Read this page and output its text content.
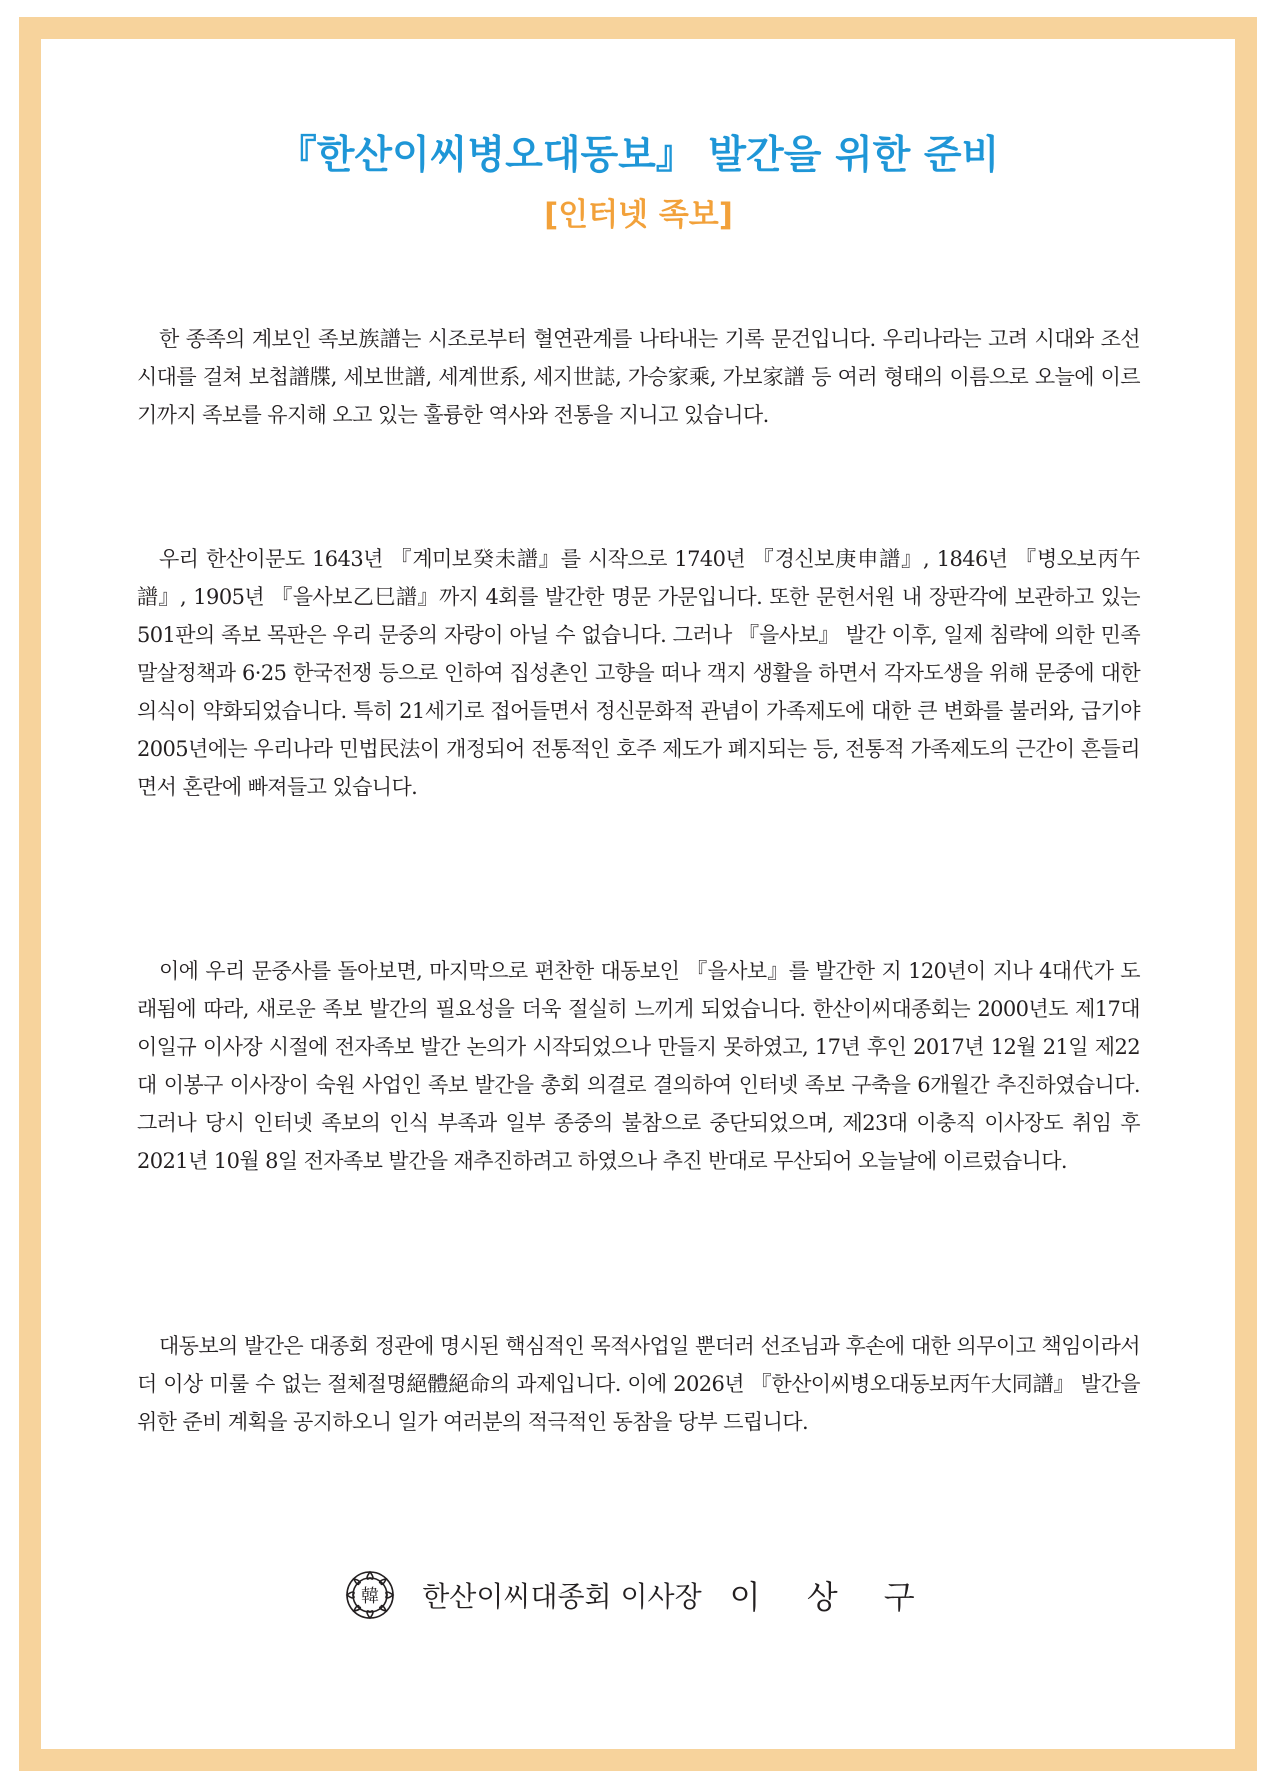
『한산이씨병오대동보』 발간을 위한 준비
[인터넷 족보]

한 종족의 계보인 족보族譜는 시조로부터 혈연관계를 나타내는 기록 문건입니다. 우리나라는 고려 시대와 조선 시대를 걸쳐 보첩譜牒, 세보世譜, 세계世系, 세지世誌, 가승家乘, 가보家譜 등 여러 형태의 이름으로 오늘에 이르기까지 족보를 유지해 오고 있는 훌륭한 역사와 전통을 지니고 있습니다.

우리 한산이문도 1643년 『계미보癸未譜』를 시작으로 1740년 『경신보庚申譜』, 1846년 『병오보丙午譜』, 1905년 『을사보乙巳譜』까지 4회를 발간한 명문 가문입니다. 또한 문헌서원 내 장판각에 보관하고 있는 501판의 족보 목판은 우리 문중의 자랑이 아닐 수 없습니다. 그러나 『을사보』 발간 이후, 일제 침략에 의한 민족말살정책과 6·25 한국전쟁 등으로 인하여 집성촌인 고향을 떠나 객지 생활을 하면서 각자도생을 위해 문중에 대한 의식이 약화되었습니다. 특히 21세기로 접어들면서 정신문화적 관념이 가족제도에 대한 큰 변화를 불러와, 급기야 2005년에는 우리나라 민법民法이 개정되어 전통적인 호주 제도가 폐지되는 등, 전통적 가족제도의 근간이 흔들리면서 혼란에 빠져들고 있습니다.

이에 우리 문중사를 돌아보면, 마지막으로 편찬한 대동보인 『을사보』를 발간한 지 120년이 지나 4대代가 도래됨에 따라, 새로운 족보 발간의 필요성을 더욱 절실히 느끼게 되었습니다. 한산이씨대종회는 2000년도 제17대 이일규 이사장 시절에 전자족보 발간 논의가 시작되었으나 만들지 못하였고, 17년 후인 2017년 12월 21일 제22대 이봉구 이사장이 숙원 사업인 족보 발간을 총회 의결로 결의하여 인터넷 족보 구축을 6개월간 추진하였습니다. 그러나 당시 인터넷 족보의 인식 부족과 일부 종중의 불참으로 중단되었으며, 제23대 이충직 이사장도 취임 후 2021년 10월 8일 전자족보 발간을 재추진하려고 하였으나 추진 반대로 무산되어 오늘날에 이르렀습니다.

대동보의 발간은 대종회 정관에 명시된 핵심적인 목적사업일 뿐더러 선조님과 후손에 대한 의무이고 책임이라서 더 이상 미룰 수 없는 절체절명絕體絕命의 과제입니다. 이에 2026년 『한산이씨병오대동보丙午大同譜』 발간을 위한 준비 계획을 공지하오니 일가 여러분의 적극적인 동참을 당부 드립니다.

韓 한산이씨대종회 이사장 이 상 구
